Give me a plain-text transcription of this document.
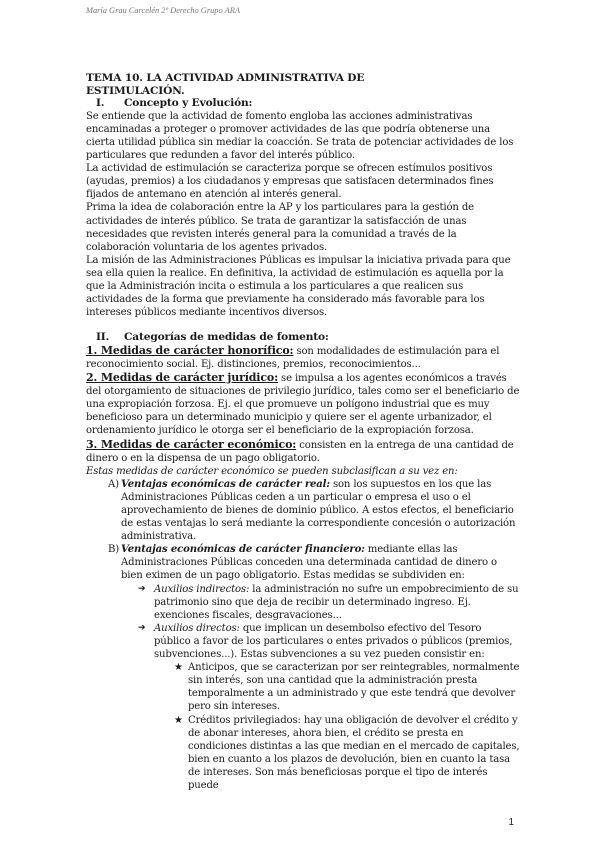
María Grau Carcelén 2º Derecho Grupo ARA

TEMA 10. LA ACTIVIDAD ADMINISTRATIVA DE
ESTIMULACIÓN.

I. Concepto y Evolución:

Se entiende que la actividad de fomento engloba las acciones administrativas encaminadas a proteger o promover actividades de las que podría obtenerse una cierta utilidad pública sin mediar la coacción. Se trata de potenciar actividades de los particulares que redunden a favor del interés público.

La actividad de estimulación se caracteriza porque se ofrecen estímulos positivos (ayudas, premios) a los ciudadanos y empresas que satisfacen determinados fines fijados de antemano en atención al interés general.

Prima la idea de colaboración entre la AP y los particulares para la gestión de actividades de interés público. Se trata de garantizar la satisfacción de unas necesidades que revisten interés general para la comunidad a través de la colaboración voluntaria de los agentes privados.

La misión de las Administraciones Públicas es impulsar la iniciativa privada para que sea ella quien la realice. En definitiva, la actividad de estimulación es aquella por la que la Administración incita o estimula a los particulares a que realicen sus actividades de la forma que previamente ha considerado más favorable para los intereses públicos mediante incentivos diversos.

II. Categorías de medidas de fomento:

1. Medidas de carácter honorífico: son modalidades de estimulación para el reconocimiento social. Ej. distinciones, premios, reconocimientos...

2. Medidas de carácter jurídico: se impulsa a los agentes económicos a través del otorgamiento de situaciones de privilegio jurídico, tales como ser el beneficiario de una expropiación forzosa. Ej. el que promueve un polígono industrial que es muy beneficioso para un determinado municipio y quiere ser el agente urbanizador, el ordenamiento jurídico le otorga ser el beneficiario de la expropiación forzosa.

3. Medidas de carácter económico: consisten en la entrega de una cantidad de dinero o en la dispensa de un pago obligatorio.

Estas medidas de carácter económico se pueden subclasifican a su vez en:

A) Ventajas económicas de carácter real: son los supuestos en los que las Administraciones Públicas ceden a un particular o empresa el uso o el aprovechamiento de bienes de dominio público. A estos efectos, el beneficiario de estas ventajas lo será mediante la correspondiente concesión o autorización administrativa.

B) Ventajas económicas de carácter financiero: mediante ellas las Administraciones Públicas conceden una determinada cantidad de dinero o bien eximen de un pago obligatorio. Estas medidas se subdividen en:

➔ Auxilios indirectos: la administración no sufre un empobrecimiento de su patrimonio sino que deja de recibir un determinado ingreso. Ej. exenciones fiscales, desgravaciones...

➔ Auxilios directos: que implican un desembolso efectivo del Tesoro público a favor de los particulares o entes privados o públicos (premios, subvenciones...). Estas subvenciones a su vez pueden consistir en:

★ Anticipos, que se caracterizan por ser reintegrables, normalmente sin interés, son una cantidad que la administración presta temporalmente a un administrado y que este tendrá que devolver pero sin intereses.

★ Créditos privilegiados: hay una obligación de devolver el crédito y de abonar intereses, ahora bien, el crédito se presta en condiciones distintas a las que median en el mercado de capitales, bien en cuanto a los plazos de devolución, bien en cuanto la tasa de intereses. Son más beneficiosas porque el tipo de interés puede

1
